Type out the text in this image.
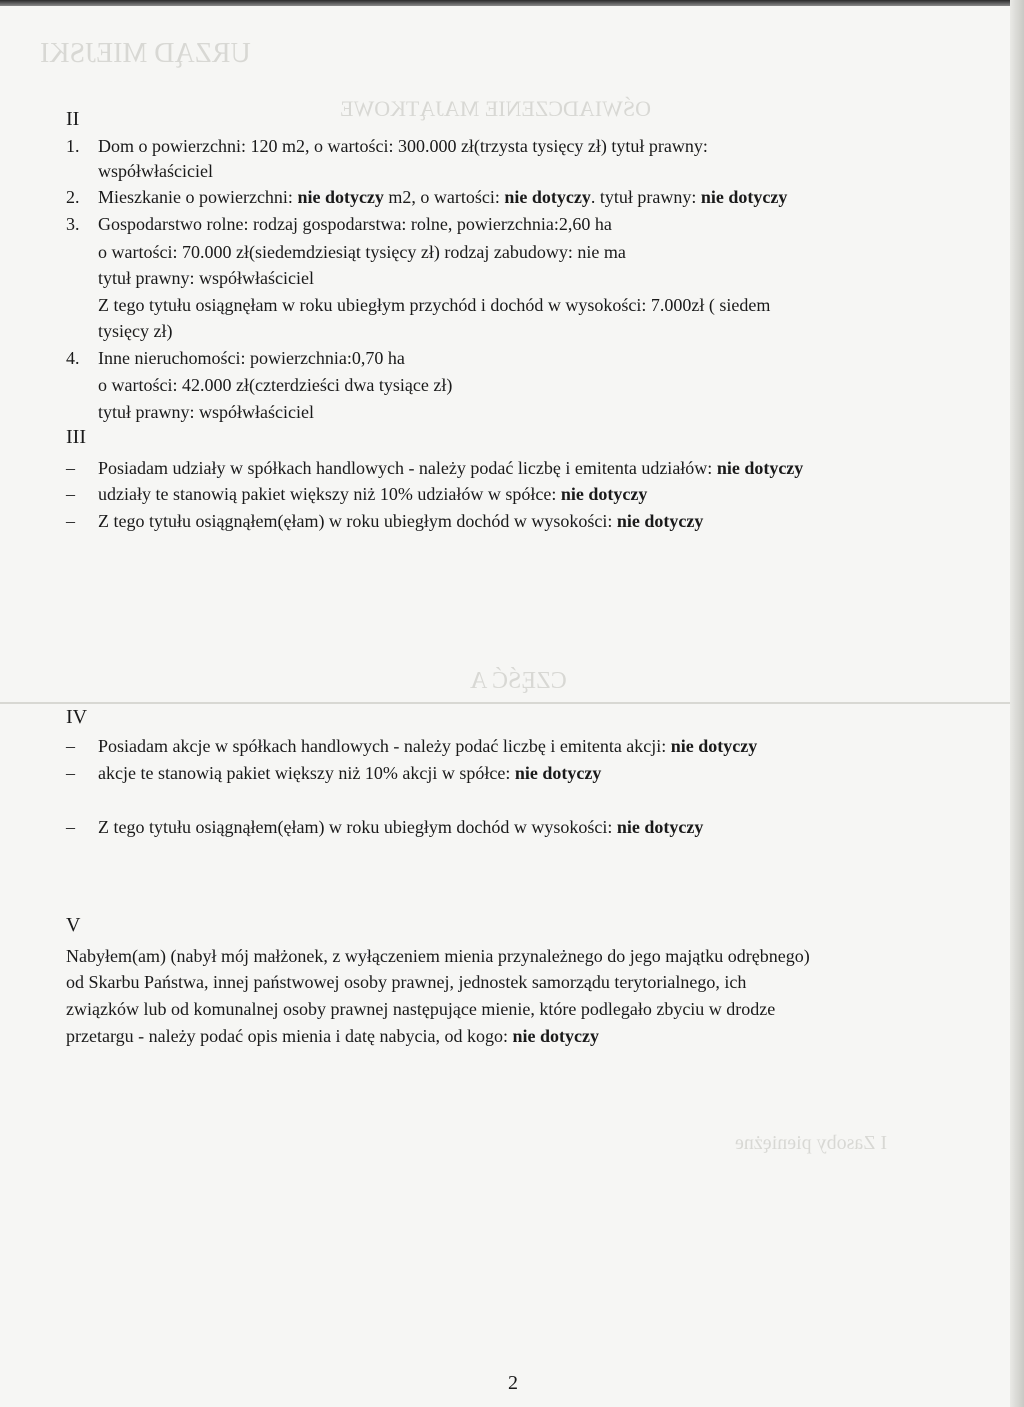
URZĄD MIEJSKI
OŚWIADCZENIE MAJĄTKOWE
CZĘŚĆ A
I Zasoby pieniężne
II
1. Dom o powierzchni: 120 m2, o wartości: 300.000 zł(trzysta tysięcy zł) tytuł prawny:
współwłaściciel
2. Mieszkanie o powierzchni: nie dotyczy m2, o wartości: nie dotyczy. tytuł prawny: nie dotyczy
3. Gospodarstwo rolne: rodzaj gospodarstwa: rolne, powierzchnia:2,60 ha
o wartości: 70.000 zł(siedemdziesiąt tysięcy zł) rodzaj zabudowy: nie ma
tytuł prawny: współwłaściciel
Z tego tytułu osiągnęłam w roku ubiegłym przychód i dochód w wysokości: 7.000zł ( siedem
tysięcy zł)
4. Inne nieruchomości: powierzchnia:0,70 ha
o wartości: 42.000 zł(czterdzieści dwa tysiące zł)
tytuł prawny: współwłaściciel
III
– Posiadam udziały w spółkach handlowych - należy podać liczbę i emitenta udziałów: nie dotyczy
– udziały te stanowią pakiet większy niż 10% udziałów w spółce: nie dotyczy
– Z tego tytułu osiągnąłem(ęłam) w roku ubiegłym dochód w wysokości: nie dotyczy
IV
– Posiadam akcje w spółkach handlowych - należy podać liczbę i emitenta akcji: nie dotyczy
– akcje te stanowią pakiet większy niż 10% akcji w spółce: nie dotyczy
– Z tego tytułu osiągnąłem(ęłam) w roku ubiegłym dochód w wysokości: nie dotyczy
V
Nabyłem(am) (nabył mój małżonek, z wyłączeniem mienia przynależnego do jego majątku odrębnego)
od Skarbu Państwa, innej państwowej osoby prawnej, jednostek samorządu terytorialnego, ich
związków lub od komunalnej osoby prawnej następujące mienie, które podlegało zbyciu w drodze
przetargu - należy podać opis mienia i datę nabycia, od kogo: nie dotyczy
2
